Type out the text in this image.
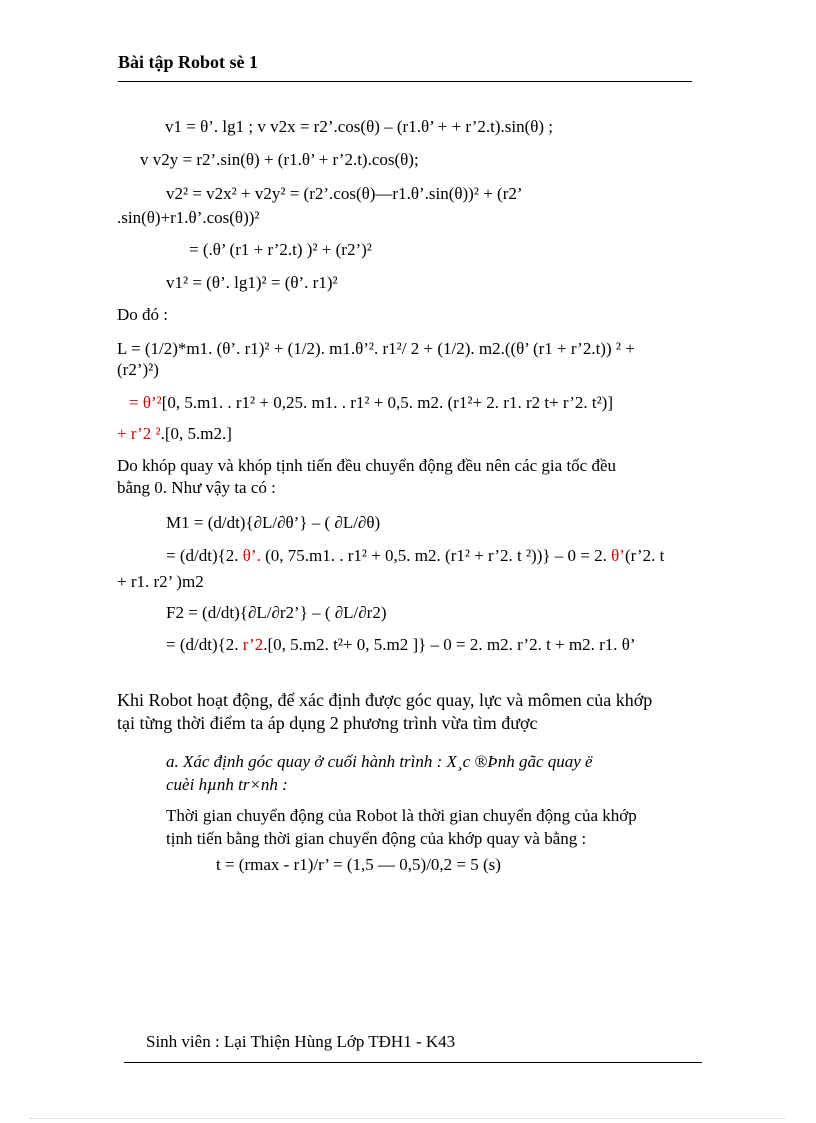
Bài tập Robot sè 1
v1 = θ’. lg1 ; v v2x = r2’.cos(θ) – (r1.θ’ + + r’2.t).sin(θ) ;
v v2y = r2’.sin(θ) + (r1.θ’ + r’2.t).cos(θ);
v2² = v2x² + v2y² = (r2’.cos(θ)—r1.θ’.sin(θ))² + (r2’
.sin(θ)+r1.θ’.cos(θ))²
= (.θ’ (r1 + r’2.t) )² + (r2’)²
v1² = (θ’. lg1)² = (θ’. r1)²
Do đó :
L = (1/2)*m1. (θ’. r1)² + (1/2). m1.θ’². r1²/ 2 + (1/2). m2.((θ’ (r1 + r’2.t)) ² +
(r2’)²)
= θ’²[0, 5.m1. . r1² + 0,25. m1. . r1² + 0,5. m2. (r1²+ 2. r1. r2 t+ r’2. t²)]
+ r’2 ².[0, 5.m2.]
Do khóp quay và khóp tịnh tiến đều chuyển động đều nên các gia tốc đều
bằng 0. Như vậy ta có :
M1 = (d/dt){∂L/∂θ’} – ( ∂L/∂θ)
= (d/dt){2. θ’. (0, 75.m1. . r1² + 0,5. m2. (r1² + r’2. t ²))} – 0 = 2. θ’(r’2. t
+ r1. r2’ )m2
F2 = (d/dt){∂L/∂r2’} – ( ∂L/∂r2)
= (d/dt){2. r’2.[0, 5.m2. t²+ 0, 5.m2 ]} – 0 = 2. m2. r’2. t + m2. r1. θ’
Khi Robot hoạt động, để xác định được góc quay, lực và mômen của khớp
tại từng thời điểm ta áp dụng 2 phương trình vừa tìm được
a. Xác định góc quay ở cuối hành trình : X¸c ®Þnh gãc quay ë
cuèi hµnh tr×nh :
Thời gian chuyển động của Robot là thời gian chuyển động của khớp
tịnh tiến bằng thời gian chuyển động của khớp quay và bằng :
t = (rmax - r1)/r’ = (1,5 — 0,5)/0,2 = 5 (s)
Sinh viên : Lại Thiện Hùng Lớp TĐH1 - K43
